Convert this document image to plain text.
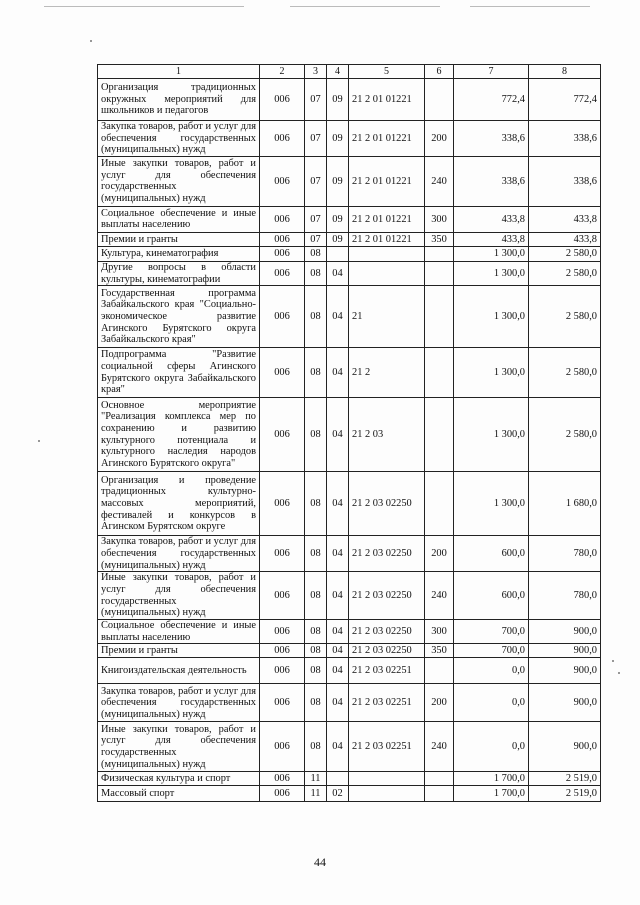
1	2	3	4	5	6	7	8
Организация традиционных окружных мероприятий для школьников и педагогов	006	07	09	21 2 01 01221		772,4	772,4
Закупка товаров, работ и услуг для обеспечения государственных (муниципальных) нужд	006	07	09	21 2 01 01221	200	338,6	338,6
Иные закупки товаров, работ и услуг для обеспечения государственных (муниципальных) нужд	006	07	09	21 2 01 01221	240	338,6	338,6
Социальное обеспечение и иные выплаты населению	006	07	09	21 2 01 01221	300	433,8	433,8
Премии и гранты	006	07	09	21 2 01 01221	350	433,8	433,8
Культура, кинематография	006	08				1 300,0	2 580,0
Другие вопросы в области культуры, кинематографии	006	08	04			1 300,0	2 580,0
Государственная программа Забайкальского края "Социально-экономическое развитие Агинского Бурятского округа Забайкальского края"	006	08	04	21		1 300,0	2 580,0
Подпрограмма "Развитие социальной сферы Агинского Бурятского округа Забайкальского края"	006	08	04	21 2		1 300,0	2 580,0
Основное мероприятие "Реализация комплекса мер по сохранению и развитию культурного потенциала и культурного наследия народов Агинского Бурятского округа"	006	08	04	21 2 03		1 300,0	2 580,0
Организация и проведение традиционных культурно-массовых мероприятий, фестивалей и конкурсов в Агинском Бурятском округе	006	08	04	21 2 03 02250		1 300,0	1 680,0
Закупка товаров, работ и услуг для обеспечения государственных (муниципальных) нужд	006	08	04	21 2 03 02250	200	600,0	780,0
Иные закупки товаров, работ и услуг для обеспечения государственных (муниципальных) нужд	006	08	04	21 2 03 02250	240	600,0	780,0
Социальное обеспечение и иные выплаты населению	006	08	04	21 2 03 02250	300	700,0	900,0
Премии и гранты	006	08	04	21 2 03 02250	350	700,0	900,0
Книгоиздательская деятельность	006	08	04	21 2 03 02251		0,0	900,0
Закупка товаров, работ и услуг для обеспечения государственных (муниципальных) нужд	006	08	04	21 2 03 02251	200	0,0	900,0
Иные закупки товаров, работ и услуг для обеспечения государственных (муниципальных) нужд	006	08	04	21 2 03 02251	240	0,0	900,0
Физическая культура и спорт	006	11				1 700,0	2 519,0
Массовый спорт	006	11	02			1 700,0	2 519,0
44
